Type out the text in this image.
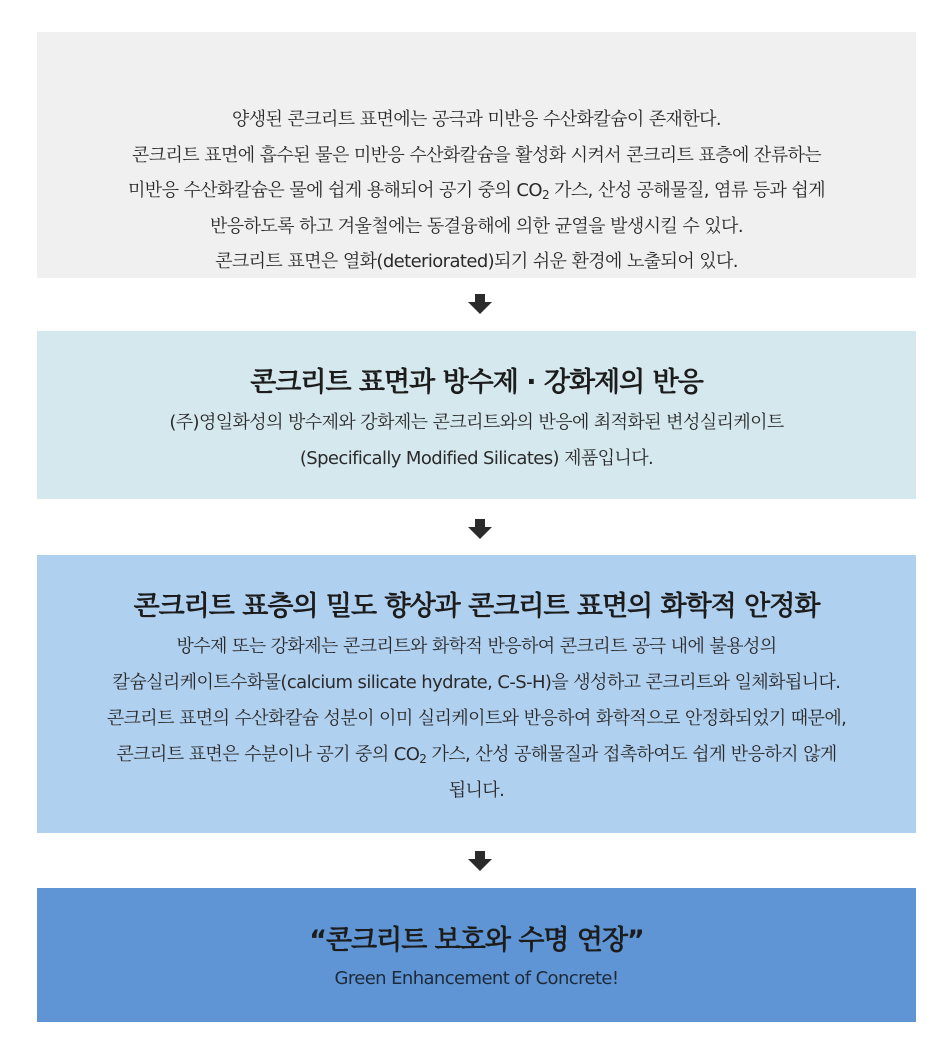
양생된 콘크리트 표면에는 공극과 미반응 수산화칼슘이 존재한다.
콘크리트 표면에 흡수된 물은 미반응 수산화칼슘을 활성화 시켜서 콘크리트 표층에 잔류하는
미반응 수산화칼슘은 물에 쉽게 용해되어 공기 중의 $CO_2$ 가스, 산성 공해물질, 염류 등과 쉽게
반응하도록 하고 겨울철에는 동결융해에 의한 균열을 발생시킬 수 있다.
콘크리트 표면은 열화(deteriorated)되기 쉬운 환경에 노출되어 있다.
콘크리트 표면과 방수제 · 강화제의 반응
(주)영일화성의 방수제와 강화제는 콘크리트와의 반응에 최적화된 변성실리케이트
(Specifically Modified Silicates) 제품입니다.
콘크리트 표층의 밀도 향상과 콘크리트 표면의 화학적 안정화
방수제 또는 강화제는 콘크리트와 화학적 반응하여 콘크리트 공극 내에 불용성의
칼슘실리케이트수화물(calcium silicate hydrate, C-S-H)을 생성하고 콘크리트와 일체화됩니다.
콘크리트 표면의 수산화칼슘 성분이 이미 실리케이트와 반응하여 화학적으로 안정화되었기 때문에,
콘크리트 표면은 수분이나 공기 중의 $CO_2$ 가스, 산성 공해물질과 접촉하여도 쉽게 반응하지 않게
됩니다.
“콘크리트 보호와 수명 연장”
Green Enhancement of Concrete!
